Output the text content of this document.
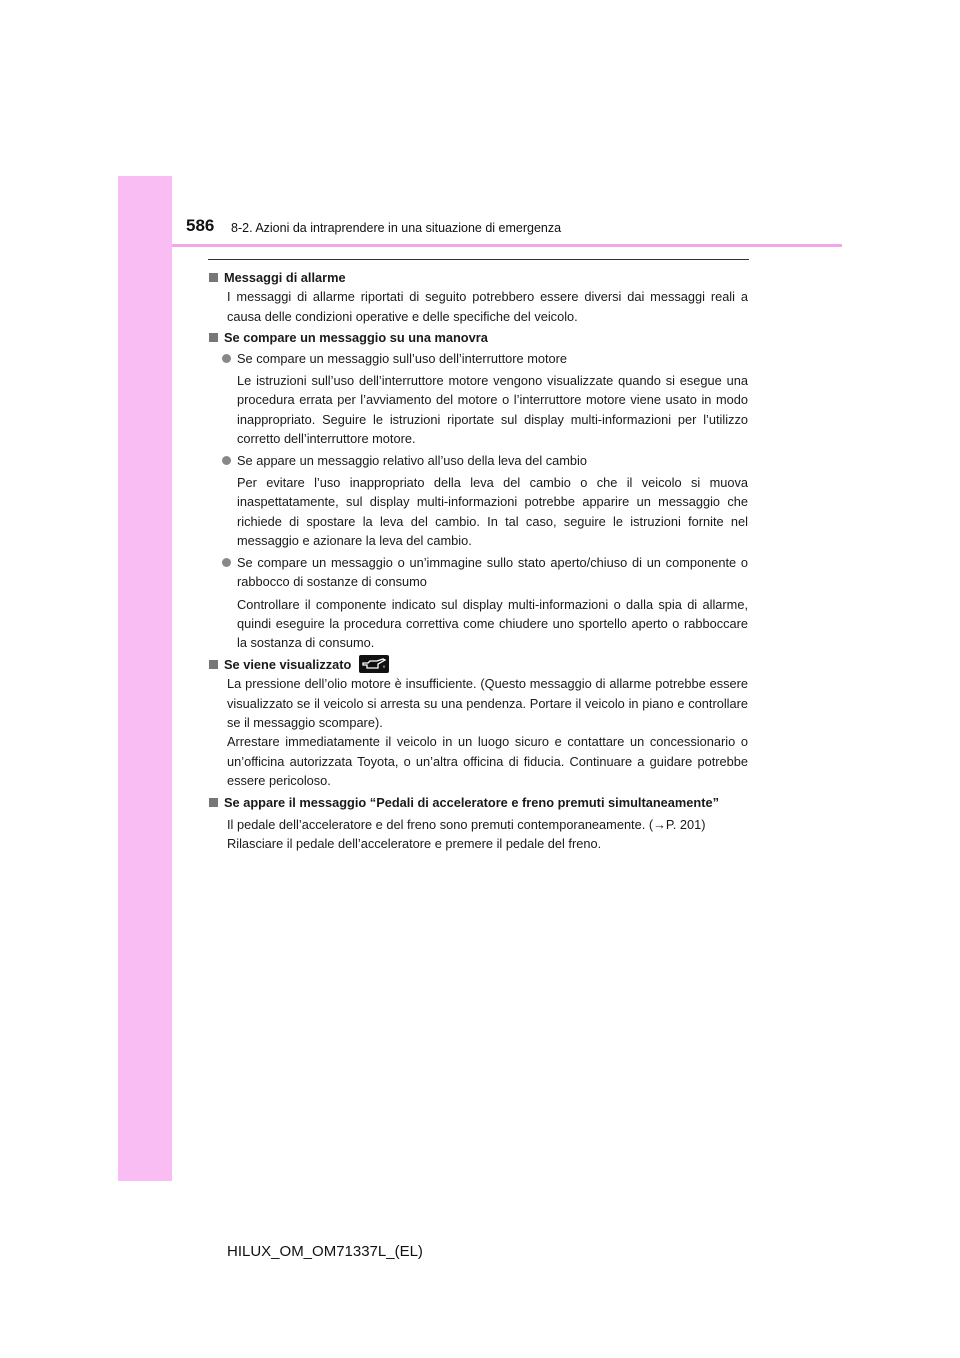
586 8-2. Azioni da intraprendere in una situazione di emergenza
Messaggi di allarme
I messaggi di allarme riportati di seguito potrebbero essere diversi dai messaggi reali a causa delle condizioni operative e delle specifiche del veicolo.
Se compare un messaggio su una manovra
Se compare un messaggio sull’uso dell’interruttore motore
Le istruzioni sull’uso dell’interruttore motore vengono visualizzate quando si esegue una procedura errata per l’avviamento del motore o l’interruttore motore viene usato in modo inappropriato. Seguire le istruzioni riportate sul display multi-informazioni per l’utilizzo corretto dell’interruttore motore.
Se appare un messaggio relativo all’uso della leva del cambio
Per evitare l’uso inappropriato della leva del cambio o che il veicolo si muova inaspettatamente, sul display multi-informazioni potrebbe apparire un messaggio che richiede di spostare la leva del cambio. In tal caso, seguire le istruzioni fornite nel messaggio e azionare la leva del cambio.
Se compare un messaggio o un’immagine sullo stato aperto/chiuso di un componente o rabbocco di sostanze di consumo
Controllare il componente indicato sul display multi-informazioni o dalla spia di allarme, quindi eseguire la procedura correttiva come chiudere uno sportello aperto o rabboccare la sostanza di consumo.
Se viene visualizzato
La pressione dell’olio motore è insufficiente. (Questo messaggio di allarme potrebbe essere visualizzato se il veicolo si arresta su una pendenza. Portare il veicolo in piano e controllare se il messaggio scompare).
Arrestare immediatamente il veicolo in un luogo sicuro e contattare un concessionario o un’officina autorizzata Toyota, o un’altra officina di fiducia. Continuare a guidare potrebbe essere pericoloso.
Se appare il messaggio “Pedali di acceleratore e freno premuti simultaneamente”
Il pedale dell’acceleratore e del freno sono premuti contemporaneamente. (→P. 201)
Rilasciare il pedale dell’acceleratore e premere il pedale del freno.
HILUX_OM_OM71337L_(EL)
